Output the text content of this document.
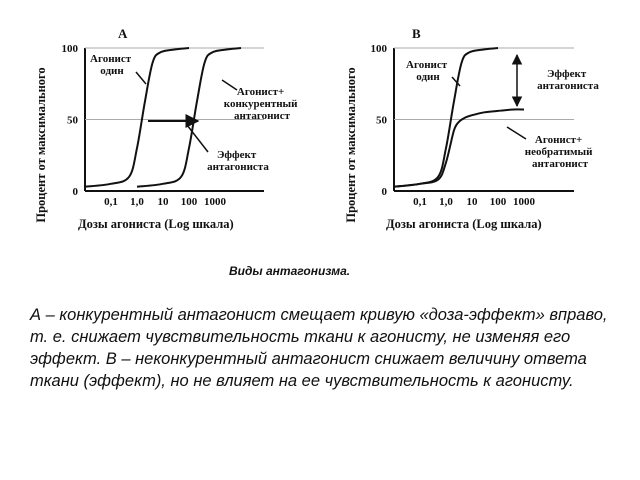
A
Процент от максимального
Дозы агониста (Log шкала)
0
50
100
0,1 1,0 10 100 1000
Агонист один
Агонист+ конкурентный антагонист
Эффект антагониста
B
Процент от максимального
Дозы агониста (Log шкала)
0
50
100
0,1 1,0 10 100 1000
Агонист один	Эффект антагониста
Агонист+ необратимый антагонист
Виды антагонизма.
А – конкурентный антагонист смещает кривую «доза-эффект» вправо, т. е. снижает чувствительность ткани к агонисту, не изменяя его эффект. В – неконкурентный антагонист снижает величину ответа ткани (эффект), но не влияет на ее чувствительность к агонисту.
